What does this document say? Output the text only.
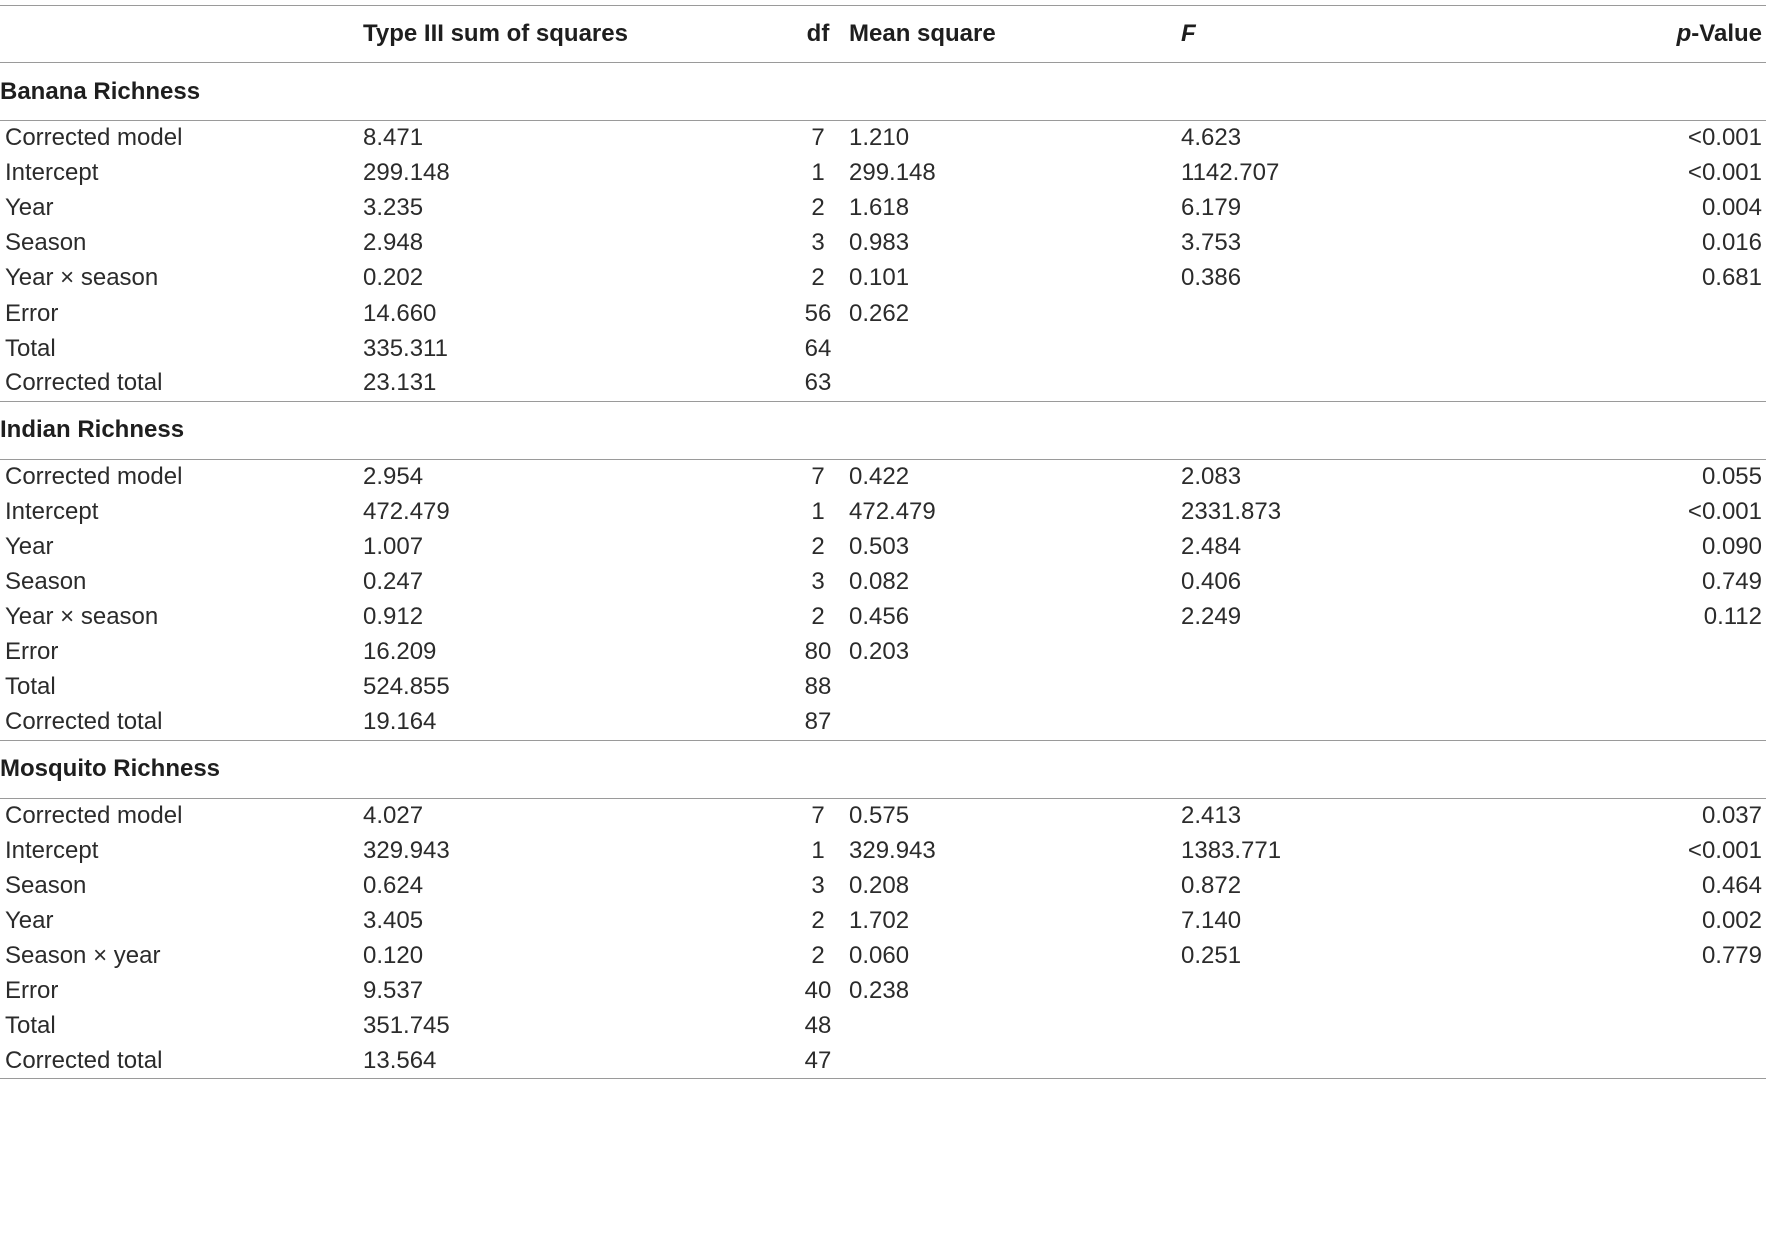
	Type III sum of squares	df	Mean square	F	p-Value
Banana Richness					
Corrected model	8.471	7	1.210	4.623	<0.001
Intercept	299.148	1	299.148	1142.707	<0.001
Year	3.235	2	1.618	6.179	0.004
Season	2.948	3	0.983	3.753	0.016
Year × season	0.202	2	0.101	0.386	0.681
Error	14.660	56	0.262		
Total	335.311	64			
Corrected total	23.131	63			
Indian Richness					
Corrected model	2.954	7	0.422	2.083	0.055
Intercept	472.479	1	472.479	2331.873	<0.001
Year	1.007	2	0.503	2.484	0.090
Season	0.247	3	0.082	0.406	0.749
Year × season	0.912	2	0.456	2.249	0.112
Error	16.209	80	0.203		
Total	524.855	88			
Corrected total	19.164	87			
Mosquito Richness					
Corrected model	4.027	7	0.575	2.413	0.037
Intercept	329.943	1	329.943	1383.771	<0.001
Season	0.624	3	0.208	0.872	0.464
Year	3.405	2	1.702	7.140	0.002
Season × year	0.120	2	0.060	0.251	0.779
Error	9.537	40	0.238		
Total	351.745	48			
Corrected total	13.564	47			
